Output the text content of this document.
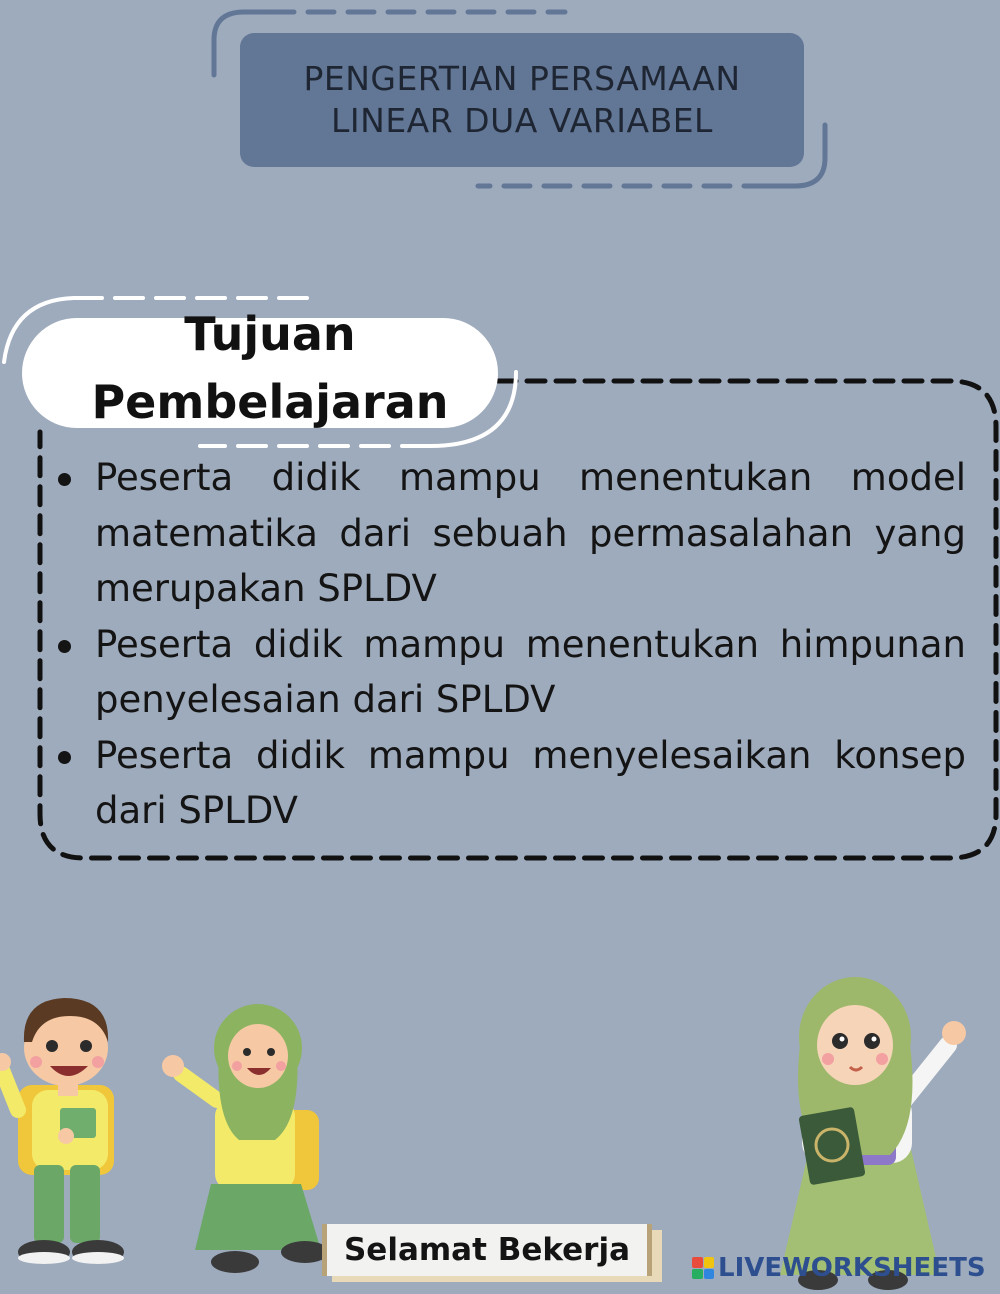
PENGERTIAN PERSAMAAN
LINEAR DUA VARIABEL
Tujuan
Pembelajaran
Peserta didik mampu menentukan model matematika dari sebuah permasalahan yang merupakan SPLDV
Peserta didik mampu menentukan himpunan penyelesaian dari SPLDV
Peserta didik mampu menyelesaikan konsep dari SPLDV
Selamat Bekerja	LIVEWORKSHEETS
